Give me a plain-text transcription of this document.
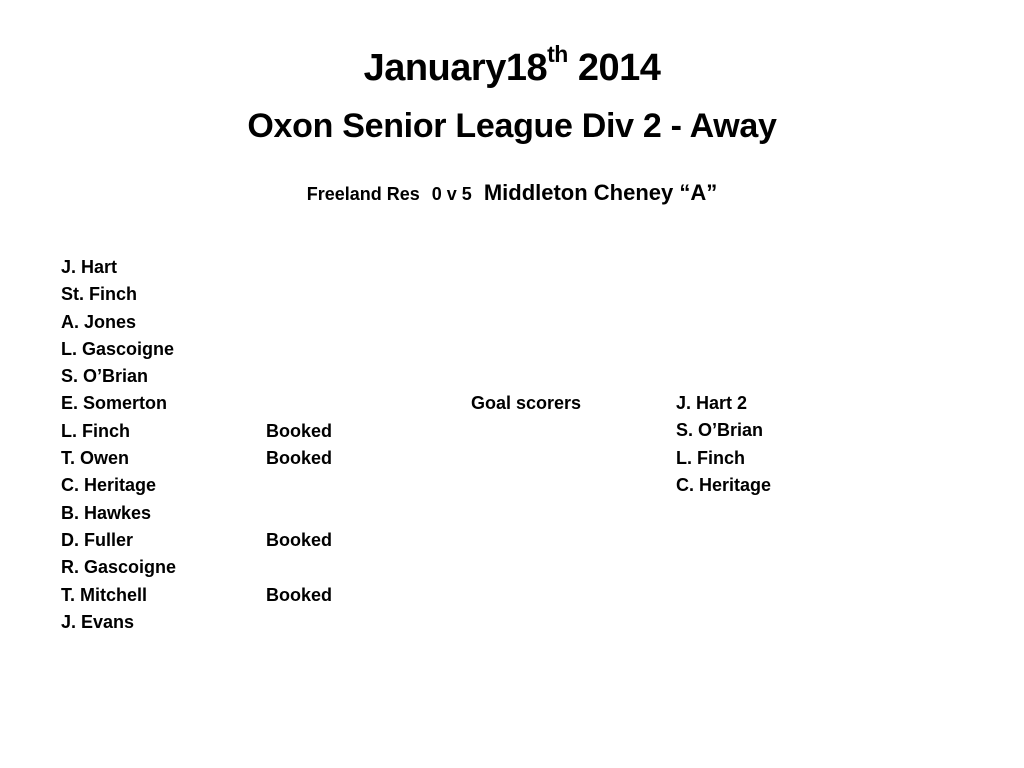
January18th 2014
Oxon Senior League Div 2 - Away
Freeland Res 0 v 5 Middleton Cheney “A”
J. Hart
St. Finch
A. Jones
L. Gascoigne
S. O’Brian
E. Somerton
L. Finch	Booked
T. Owen	Booked
C. Heritage
B. Hawkes
D. Fuller	Booked
R. Gascoigne
T. Mitchell	Booked
J. Evans
Goal scorers	J. Hart 2
S. O’Brian
L. Finch
C. Heritage
